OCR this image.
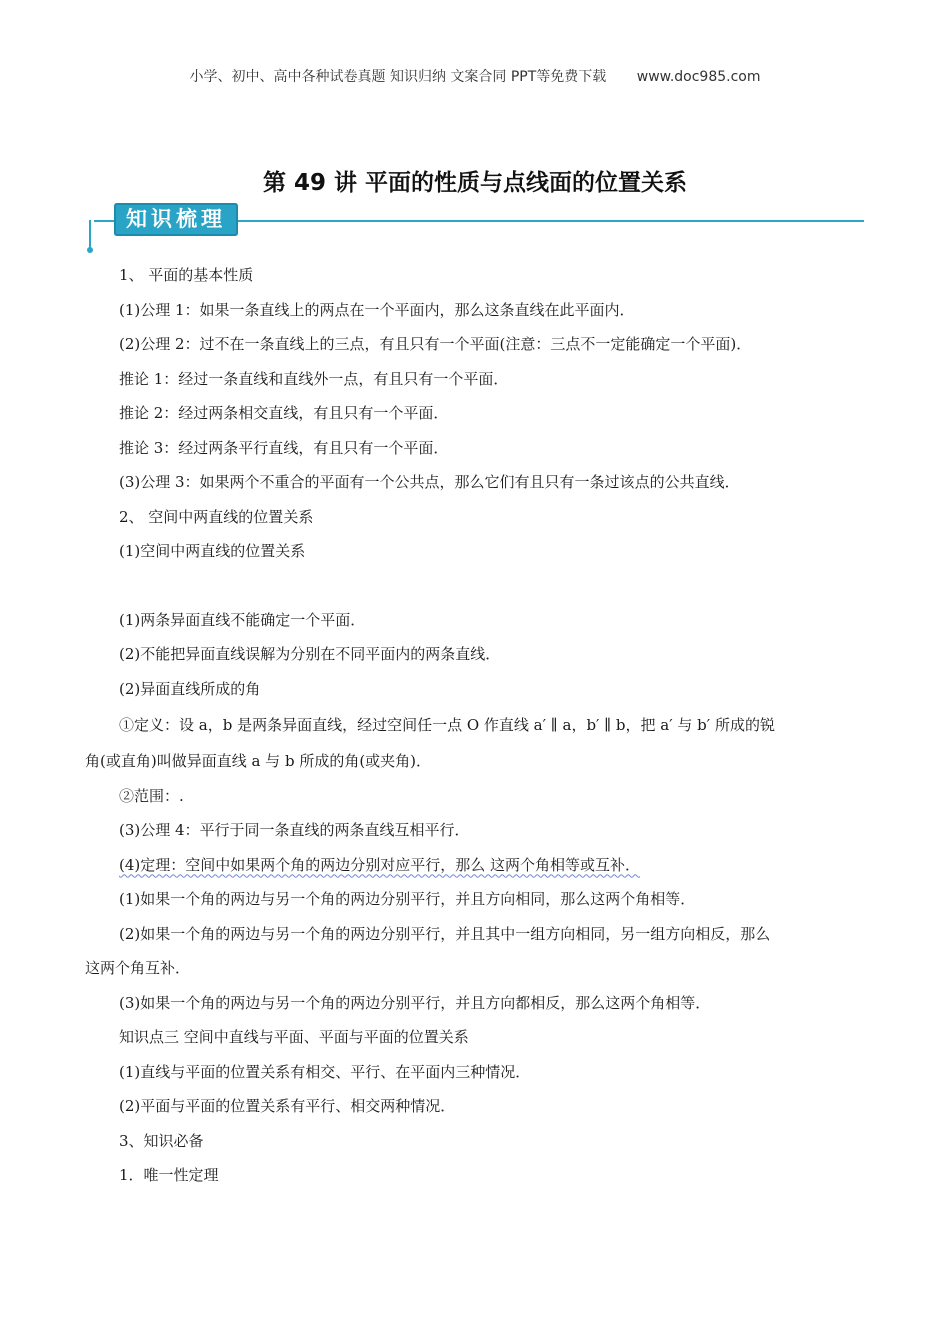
小学、初中、高中各种试卷真题 知识归纳 文案合同 PPT等免费下载 www.doc985.com
第 49 讲 平面的性质与点线面的位置关系
知识梳理
1、 平面的基本性质
(1)公理 1：如果一条直线上的两点在一个平面内，那么这条直线在此平面内．
(2)公理 2：过不在一条直线上的三点，有且只有一个平面(注意：三点不一定能确定一个平面)．
推论 1：经过一条直线和直线外一点，有且只有一个平面．
推论 2：经过两条相交直线，有且只有一个平面．
推论 3：经过两条平行直线，有且只有一个平面．
(3)公理 3：如果两个不重合的平面有一个公共点，那么它们有且只有一条过该点的公共直线．
2、 空间中两直线的位置关系
(1)空间中两直线的位置关系
(1)两条异面直线不能确定一个平面．
(2)不能把异面直线误解为分别在不同平面内的两条直线．
(2)异面直线所成的角
①定义：设 a，b 是两条异面直线，经过空间任一点 O 作直线 a′ ∥ a，b′ ∥ b，把 a′ 与 b′ 所成的锐
角(或直角)叫做异面直线 a 与 b 所成的角(或夹角)．
②范围：.
(3)公理 4：平行于同一条直线的两条直线互相平行．
(4)定理：空间中如果两个角的两边分别对应平行，那么 这两个角相等或互补．
(1)如果一个角的两边与另一个角的两边分别平行，并且方向相同，那么这两个角相等．
(2)如果一个角的两边与另一个角的两边分别平行，并且其中一组方向相同，另一组方向相反，那么
这两个角互补．
(3)如果一个角的两边与另一个角的两边分别平行，并且方向都相反，那么这两个角相等．
知识点三 空间中直线与平面、平面与平面的位置关系
(1)直线与平面的位置关系有相交、平行、在平面内三种情况．
(2)平面与平面的位置关系有平行、相交两种情况．
3、知识必备
1．唯一性定理
